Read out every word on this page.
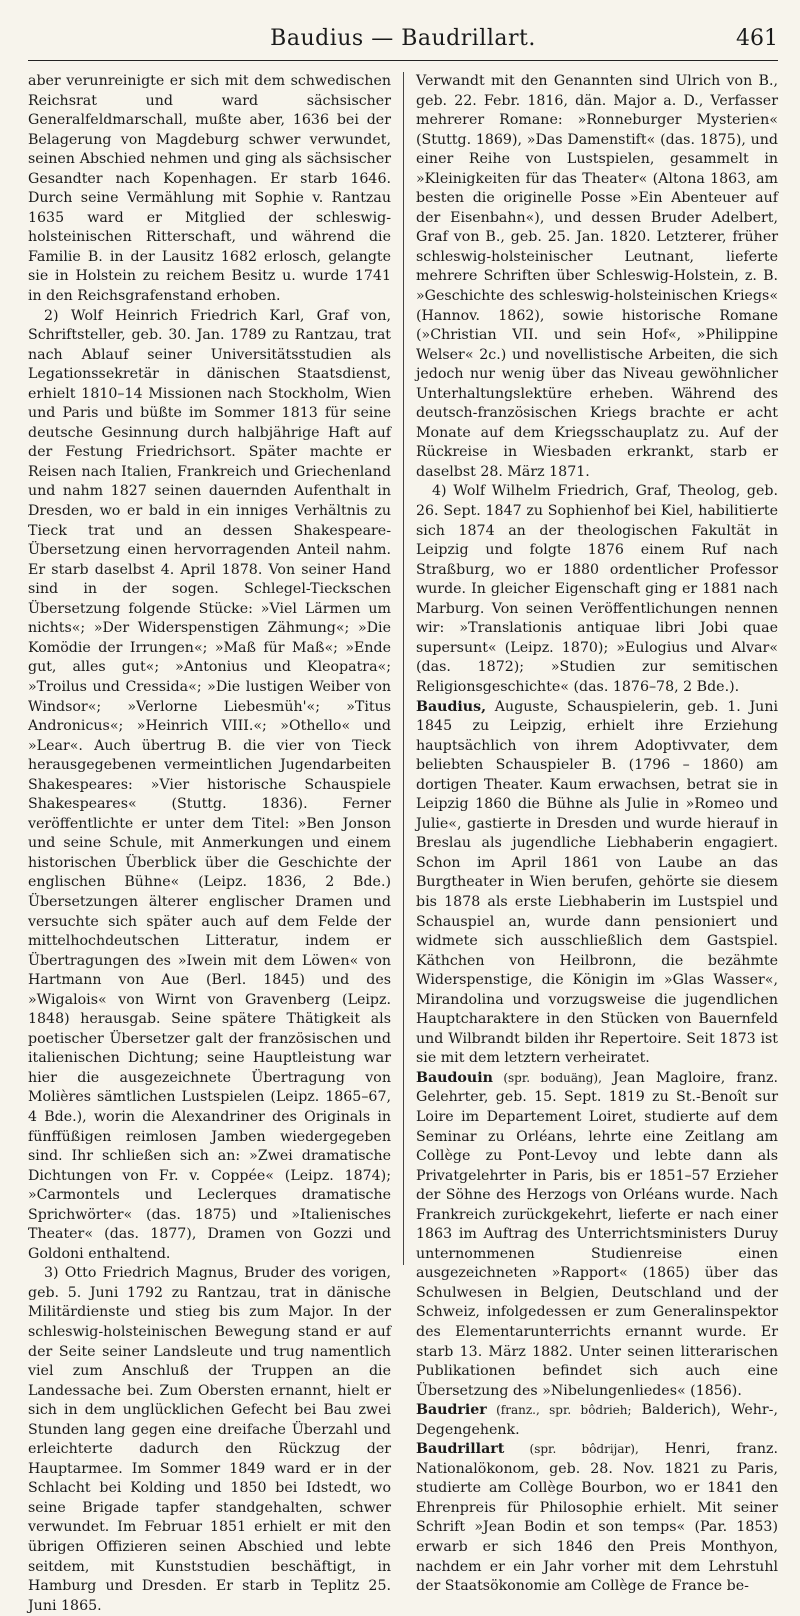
Baudius — Baudrillart.	461

aber verunreinigte er sich mit dem schwedischen Reichsrat und ward sächsischer Generalfeldmarschall, mußte aber, 1636 bei der Belagerung von Magdeburg schwer verwundet, seinen Abschied nehmen und ging als sächsischer Gesandter nach Kopenhagen. Er starb 1646. Durch seine Vermählung mit Sophie v. Rantzau 1635 ward er Mitglied der schleswig-holsteinischen Ritterschaft, und während die Familie B. in der Lausitz 1682 erlosch, gelangte sie in Holstein zu reichem Besitz u. wurde 1741 in den Reichsgrafenstand erhoben.

2) Wolf Heinrich Friedrich Karl, Graf von, Schriftsteller, geb. 30. Jan. 1789 zu Rantzau, trat nach Ablauf seiner Universitätsstudien als Legationssekretär in dänischen Staatsdienst, erhielt 1810–14 Missionen nach Stockholm, Wien und Paris und büßte im Sommer 1813 für seine deutsche Gesinnung durch halbjährige Haft auf der Festung Friedrichsort. Später machte er Reisen nach Italien, Frankreich und Griechenland und nahm 1827 seinen dauernden Aufenthalt in Dresden, wo er bald in ein inniges Verhältnis zu Tieck trat und an dessen Shakespeare-Übersetzung einen hervorragenden Anteil nahm. Er starb daselbst 4. April 1878. Von seiner Hand sind in der sogen. Schlegel-Tieckschen Übersetzung folgende Stücke: »Viel Lärmen um nichts«; »Der Widerspenstigen Zähmung«; »Die Komödie der Irrungen«; »Maß für Maß«; »Ende gut, alles gut«; »Antonius und Kleopatra«; »Troilus und Cressida«; »Die lustigen Weiber von Windsor«; »Verlorne Liebesmüh'«; »Titus Andronicus«; »Heinrich VIII.«; »Othello« und »Lear«. Auch übertrug B. die vier von Tieck herausgegebenen vermeintlichen Jugendarbeiten Shakespeares: »Vier historische Schauspiele Shakespeares« (Stuttg. 1836). Ferner veröffentlichte er unter dem Titel: »Ben Jonson und seine Schule, mit Anmerkungen und einem historischen Überblick über die Geschichte der englischen Bühne« (Leipz. 1836, 2 Bde.) Übersetzungen älterer englischer Dramen und versuchte sich später auch auf dem Felde der mittelhochdeutschen Litteratur, indem er Übertragungen des »Iwein mit dem Löwen« von Hartmann von Aue (Berl. 1845) und des »Wigalois« von Wirnt von Gravenberg (Leipz. 1848) herausgab. Seine spätere Thätigkeit als poetischer Übersetzer galt der französischen und italienischen Dichtung; seine Hauptleistung war hier die ausgezeichnete Übertragung von Molières sämtlichen Lustspielen (Leipz. 1865–67, 4 Bde.), worin die Alexandriner des Originals in fünffüßigen reimlosen Jamben wiedergegeben sind. Ihr schließen sich an: »Zwei dramatische Dichtungen von Fr. v. Coppée« (Leipz. 1874); »Carmontels und Leclerques dramatische Sprichwörter« (das. 1875) und »Italienisches Theater« (das. 1877), Dramen von Gozzi und Goldoni enthaltend.

3) Otto Friedrich Magnus, Bruder des vorigen, geb. 5. Juni 1792 zu Rantzau, trat in dänische Militärdienste und stieg bis zum Major. In der schleswig-holsteinischen Bewegung stand er auf der Seite seiner Landsleute und trug namentlich viel zum Anschluß der Truppen an die Landessache bei. Zum Obersten ernannt, hielt er sich in dem unglücklichen Gefecht bei Bau zwei Stunden lang gegen eine dreifache Überzahl und erleichterte dadurch den Rückzug der Hauptarmee. Im Sommer 1849 ward er in der Schlacht bei Kolding und 1850 bei Idstedt, wo seine Brigade tapfer standgehalten, schwer verwundet. Im Februar 1851 erhielt er mit den übrigen Offizieren seinen Abschied und lebte seitdem, mit Kunststudien beschäftigt, in Hamburg und Dresden. Er starb in Teplitz 25. Juni 1865.

Verwandt mit den Genannten sind Ulrich von B., geb. 22. Febr. 1816, dän. Major a. D., Verfasser mehrerer Romane: »Ronneburger Mysterien« (Stuttg. 1869), »Das Damenstift« (das. 1875), und einer Reihe von Lustspielen, gesammelt in »Kleinigkeiten für das Theater« (Altona 1863, am besten die originelle Posse »Ein Abenteuer auf der Eisenbahn«), und dessen Bruder Adelbert, Graf von B., geb. 25. Jan. 1820. Letzterer, früher schleswig-holsteinischer Leutnant, lieferte mehrere Schriften über Schleswig-Holstein, z. B. »Geschichte des schleswig-holsteinischen Kriegs« (Hannov. 1862), sowie historische Romane (»Christian VII. und sein Hof«, »Philippine Welser« 2c.) und novellistische Arbeiten, die sich jedoch nur wenig über das Niveau gewöhnlicher Unterhaltungslektüre erheben. Während des deutsch-französischen Kriegs brachte er acht Monate auf dem Kriegsschauplatz zu. Auf der Rückreise in Wiesbaden erkrankt, starb er daselbst 28. März 1871.

4) Wolf Wilhelm Friedrich, Graf, Theolog, geb. 26. Sept. 1847 zu Sophienhof bei Kiel, habilitierte sich 1874 an der theologischen Fakultät in Leipzig und folgte 1876 einem Ruf nach Straßburg, wo er 1880 ordentlicher Professor wurde. In gleicher Eigenschaft ging er 1881 nach Marburg. Von seinen Veröffentlichungen nennen wir: »Translationis antiquae libri Jobi quae supersunt« (Leipz. 1870); »Eulogius und Alvar« (das. 1872); »Studien zur semitischen Religionsgeschichte« (das. 1876–78, 2 Bde.).

Baudius, Auguste, Schauspielerin, geb. 1. Juni 1845 zu Leipzig, erhielt ihre Erziehung hauptsächlich von ihrem Adoptivvater, dem beliebten Schauspieler B. (1796 – 1860) am dortigen Theater. Kaum erwachsen, betrat sie in Leipzig 1860 die Bühne als Julie in »Romeo und Julie«, gastierte in Dresden und wurde hierauf in Breslau als jugendliche Liebhaberin engagiert. Schon im April 1861 von Laube an das Burgtheater in Wien berufen, gehörte sie diesem bis 1878 als erste Liebhaberin im Lustspiel und Schauspiel an, wurde dann pensioniert und widmete sich ausschließlich dem Gastspiel. Käthchen von Heilbronn, die bezähmte Widerspenstige, die Königin im »Glas Wasser«, Mirandolina und vorzugsweise die jugendlichen Hauptcharaktere in den Stücken von Bauernfeld und Wilbrandt bilden ihr Repertoire. Seit 1873 ist sie mit dem letztern verheiratet.

Baudouin (spr. boduäng), Jean Magloire, franz. Gelehrter, geb. 15. Sept. 1819 zu St.-Benoît sur Loire im Departement Loiret, studierte auf dem Seminar zu Orléans, lehrte eine Zeitlang am Collège zu Pont-Levoy und lebte dann als Privatgelehrter in Paris, bis er 1851–57 Erzieher der Söhne des Herzogs von Orléans wurde. Nach Frankreich zurückgekehrt, lieferte er nach einer 1863 im Auftrag des Unterrichtsministers Duruy unternommenen Studienreise einen ausgezeichneten »Rapport« (1865) über das Schulwesen in Belgien, Deutschland und der Schweiz, infolgedessen er zum Generalinspektor des Elementarunterrichts ernannt wurde. Er starb 13. März 1882. Unter seinen litterarischen Publikationen befindet sich auch eine Übersetzung des »Nibelungenliedes« (1856).

Baudrier (franz., spr. bôdrieh; Balderich), Wehr-, Degengehenk.

Baudrillart (spr. bôdrijar), Henri, franz. Nationalökonom, geb. 28. Nov. 1821 zu Paris, studierte am Collège Bourbon, wo er 1841 den Ehrenpreis für Philosophie erhielt. Mit seiner Schrift »Jean Bodin et son temps« (Par. 1853) erwarb er sich 1846 den Preis Monthyon, nachdem er ein Jahr vorher mit dem Lehrstuhl der Staatsökonomie am Collège de France be-
